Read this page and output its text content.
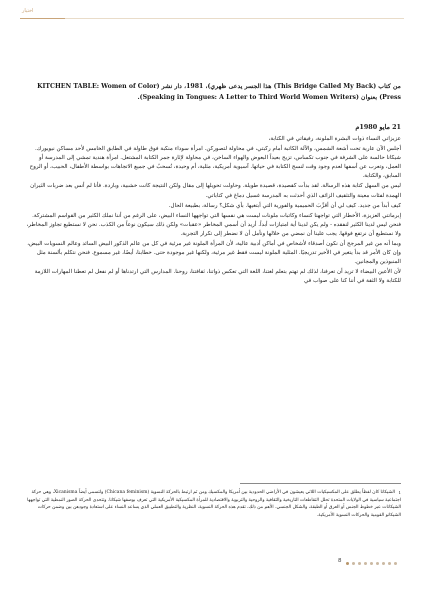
اختيار

من كتاب (This Bridge Called My Back) هذا الجسر يدعى ظهري)، 1981، دار نشر (KITCHEN TABLE: Women of Color Press) بعنوان (Speaking in Tongues: A Letter to Third World Women Writers).

21 مايو 1980م

عزيزاتي النساء ذوات البشرة الملونة، رفيقاتي في الكتابة،

أجلس الآن عارية تحت أشعة الشمس، والآلة الكاتبة أمام ركبتي، في محاولة لتصوركن. امرأة سوداء منكبة فوق طاولة في الطابق الخامس لأحد مساكن نيويورك. شيكانا حالسة على الشرفة في جنوب تكساس، تزيح بعيداً البعوض والهواء الساخن، في محاولة لإثارة جمر الكتابة المشتعل. امرأة هندية تمشي إلى المدرسة أو العمل، وتعرب عن أسفها لعدم وجود وقت لنسج الكتابة في حياتها. آسيوية أمريكية، مثلية، أم وحيدة، تُسحبُ في جميع الاتجاهات بواسطة الأطفال، الحبيب، أو الروح السابق، والكتابة.

ليس من السهل كتابة هذه الرسالة. لقد بدأت كقصيدة، قصيدة طويلة. وحاولت تحويلها إلى مقال ولكن النتيجة كانت خشبية، وباردة. فأنا لم أنس بعد ضربات الثيران الهمدة لفئات معينة والتثقيف الزائف الذي أحدثت به المدرسة غسيل دماغ في كتاباتي.

كيف أبدأ من جديد. كيف لي أن أقرِّبَ الحميمية والفورية التي أبتغيها. بأي شكل؟ رسالة، بطبيعة الحال.

إبرمانتي العزيزة، الأخطار التي تواجهنا كنساء وكاتبات ملونات ليست هي نفسها التي تواجهها النساء البيض، على الرغم من أننا نملك الكثير من القواسم المشتركة. فنحن ليس لدينا الكثير لنفقده - ولم يكن لدينا أية امتيازات أبداً. أريد أن أسمي المخاطر «عقبات» ولكن ذلك سيكون نوعاً من الكذب. نحن لا نستطيع تجاوز المخاطر، ولا نستطيع أن نرتفع فوقها. يجب علينا أن نمضي من خلالها ونأمل أن لا نضطر إلى تكرار التجربة.

وبما أنه من غير المرجح أن نكون أصدقاء لأشخاص في أماكن أدبية عالية، لأن المرأة الملونة غير مرئية في كل من عالم الذكور البيض السائد وعالم النسويات البيض، وإن كان الأمر قد بدأ يتغير في الأخير تدريجيًا. المثلية الملونة ليست فقط غير مرئية، ولكنها غير موجودة حتى. خطابنا، أيضًا، غير مسموع. فنحن نتكلم بألسنة مثل المنبوذين والمجانين.

لأن الأعين البيضاء لا تريد أن تعرفنا، لذلك لم تهتم بتعلم لغتنا، اللغة التي تعكس ذواتنا، ثقافتنا، روحنا. المدارس التي ارتدناها أو لم نفعل لم تعطنا المهارات اللازمة للكتابة ولا الثقة في أننا كنا على صواب في

1 الشيكانا كان لفظاً يطلق على المكسيكيات اللاتي يعيشون في الأراضي الحدودية بين أمريكا والمكسيك ومن ثم ارتبط بالحركة النسوية (Chicana feminism) ولتسمى أيضاً Xicanisma، وهي حركة اجتماعية سياسية في الولايات المتحدة تحلل التقاطعات التاريخية والثقافية والروحية والتربوية والاقتصادية للمرأة المكسيكية الأمريكية التي تعرف بوصفها شيكانا. وتتحدى الحركة الصور النمطية التي تواجهها الشيكانات عبر خطوط الجنس أو العرق أو الطبقة، والشكل الجنسي. الأهم من ذلك، تقدم هذه الحركة النسوية، النظرية والتطبيق العملي الذي يساعد النساء على استعادة وجودهن بين وضمن حركات الشيكانو القومية والحركات النسوية الأمريكية.
8
